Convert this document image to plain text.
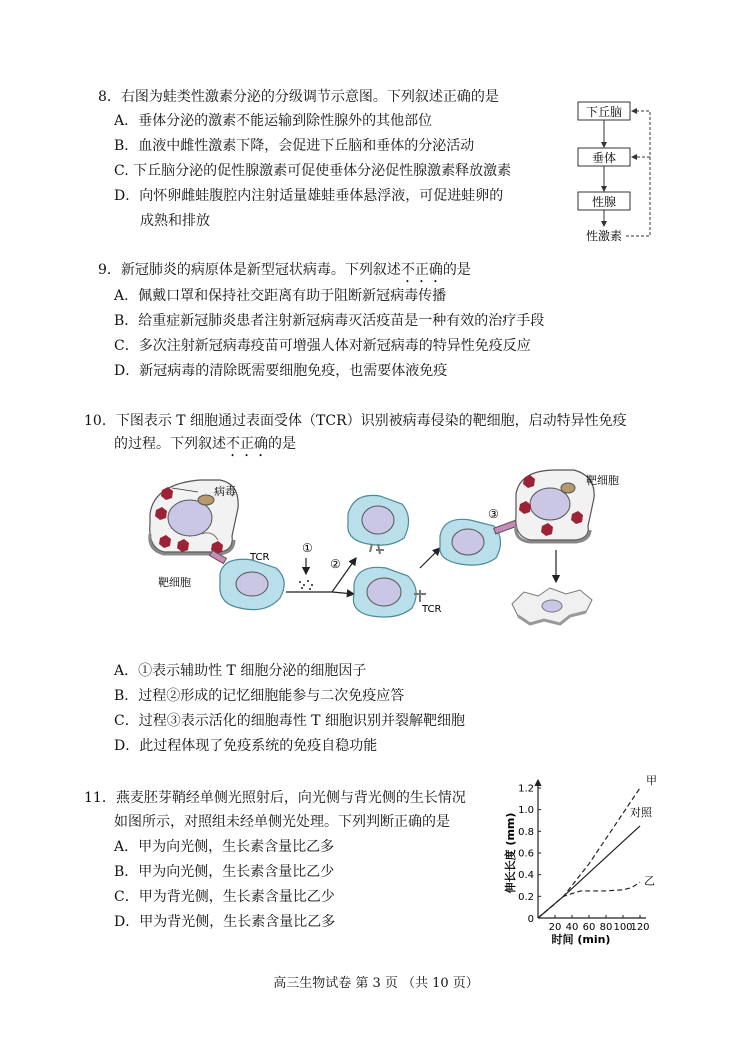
8．右图为蛙类性激素分泌的分级调节示意图。下列叙述正确的是
A．垂体分泌的激素不能运输到除性腺外的其他部位
B．血液中雌性激素下降，会促进下丘脑和垂体的分泌活动
C. 下丘脑分泌的促性腺激素可促使垂体分泌促性腺激素释放激素
D．向怀卵雌蛙腹腔内注射适量雄蛙垂体悬浮液，可促进蛙卵的
成熟和排放
下丘脑
垂体
性腺
性激素
9．新冠肺炎的病原体是新型冠状病毒。下列叙述不正确的是
A．佩戴口罩和保持社交距离有助于阻断新冠病毒传播
B．给重症新冠肺炎患者注射新冠病毒灭活疫苗是一种有效的治疗手段
C．多次注射新冠病毒疫苗可增强人体对新冠病毒的特异性免疫反应
D．新冠病毒的清除既需要细胞免疫，也需要体液免疫
10．下图表示 T 细胞通过表面受体（TCR）识别被病毒侵染的靶细胞，启动特异性免疫
的过程。下列叙述不正确的是
病毒
靶细胞
TCR
①
②
TCR
③
靶细胞
A．①表示辅助性 T 细胞分泌的细胞因子
B．过程②形成的记忆细胞能参与二次免疫应答
C．过程③表示活化的细胞毒性 T 细胞识别并裂解靶细胞
D．此过程体现了免疫系统的免疫自稳功能
11．燕麦胚芽鞘经单侧光照射后，向光侧与背光侧的生长情况
如图所示，对照组未经单侧光处理。下列判断正确的是
A．甲为向光侧，生长素含量比乙多
B．甲为向光侧，生长素含量比乙少
C．甲为背光侧，生长素含量比乙少
D．甲为背光侧，生长素含量比乙多	0
0.2
0.4
0.6
0.8
1.0
1.2
20 40 60 80 100
120
甲
对照
乙
伸长长度 (mm)
时间 (min)
高三生物试卷 第 3 页 （共 10 页）
